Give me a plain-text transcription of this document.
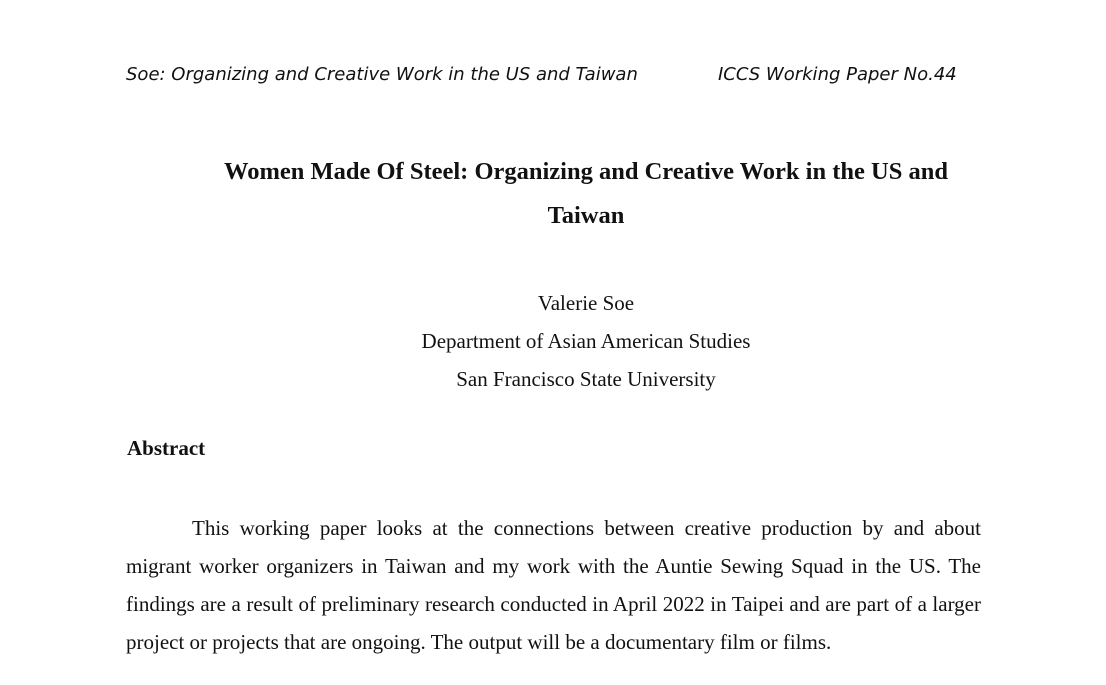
Soe: Organizing and Creative Work in the US and Taiwan	ICCS Working Paper No.44
Women Made Of Steel: Organizing and Creative Work in the US and
Taiwan
Valerie Soe
Department of Asian American Studies
San Francisco State University
Abstract

This working paper looks at the connections between creative production by and about migrant worker organizers in Taiwan and my work with the Auntie Sewing Squad in the US. The findings are a result of preliminary research conducted in April 2022 in Taipei and are part of a larger project or projects that are ongoing. The output will be a documentary film or films.
